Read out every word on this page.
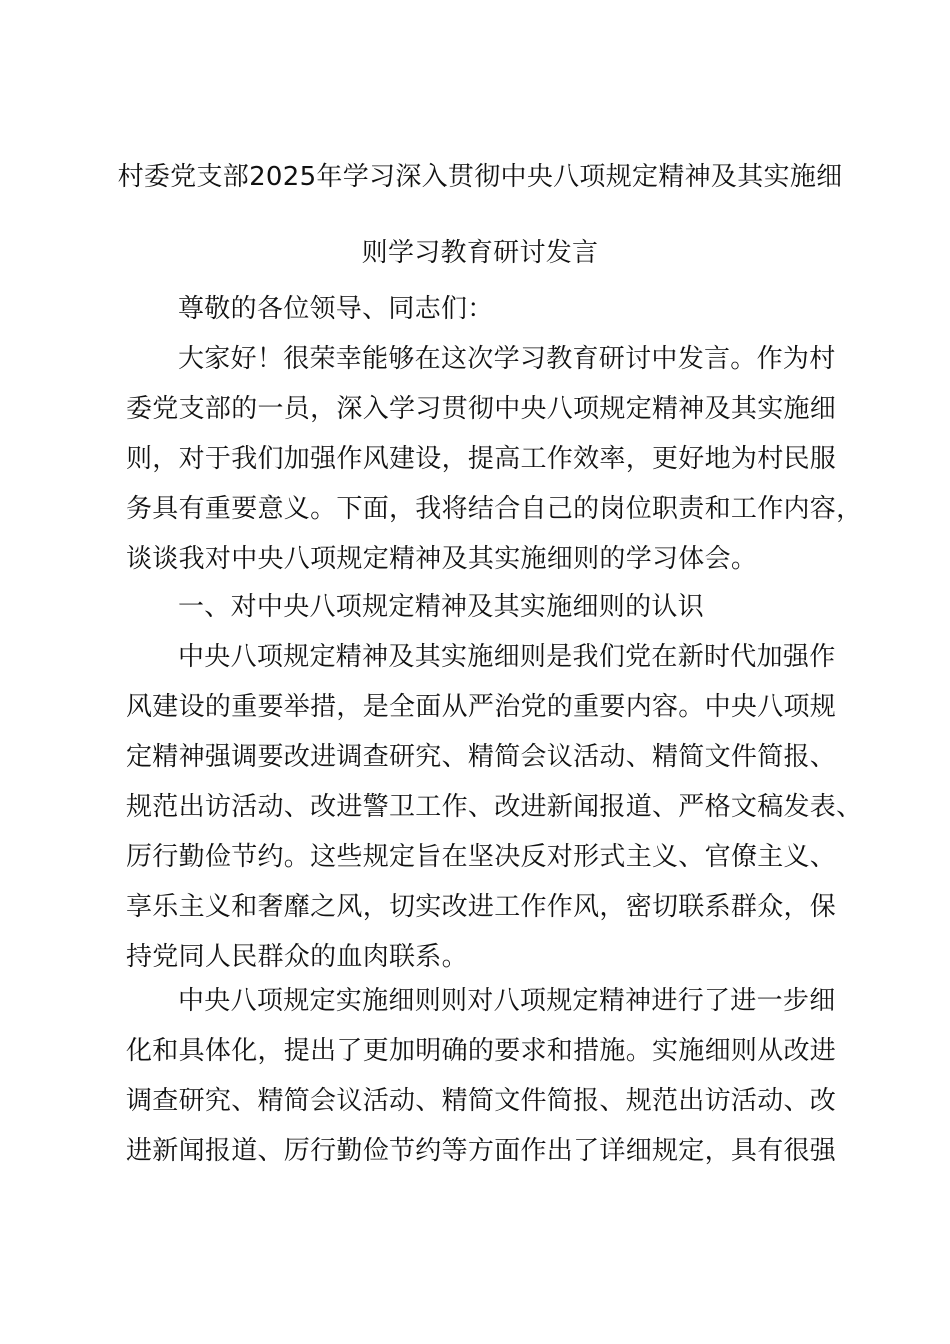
村委党支部2025年学习深入贯彻中央八项规定精神及其实施细
则学习教育研讨发言

尊敬的各位领导、同志们：

大家好！很荣幸能够在这次学习教育研讨中发言。作为村
委党支部的一员，深入学习贯彻中央八项规定精神及其实施细
则，对于我们加强作风建设，提高工作效率，更好地为村民服
务具有重要意义。下面，我将结合自己的岗位职责和工作内容，
谈谈我对中央八项规定精神及其实施细则的学习体会。

一、对中央八项规定精神及其实施细则的认识

中央八项规定精神及其实施细则是我们党在新时代加强作
风建设的重要举措，是全面从严治党的重要内容。中央八项规
定精神强调要改进调查研究、精简会议活动、精简文件简报、
规范出访活动、改进警卫工作、改进新闻报道、严格文稿发表、
厉行勤俭节约。这些规定旨在坚决反对形式主义、官僚主义、
享乐主义和奢靡之风，切实改进工作作风，密切联系群众，保
持党同人民群众的血肉联系。

中央八项规定实施细则则对八项规定精神进行了进一步细
化和具体化，提出了更加明确的要求和措施。实施细则从改进
调查研究、精简会议活动、精简文件简报、规范出访活动、改
进新闻报道、厉行勤俭节约等方面作出了详细规定，具有很强
